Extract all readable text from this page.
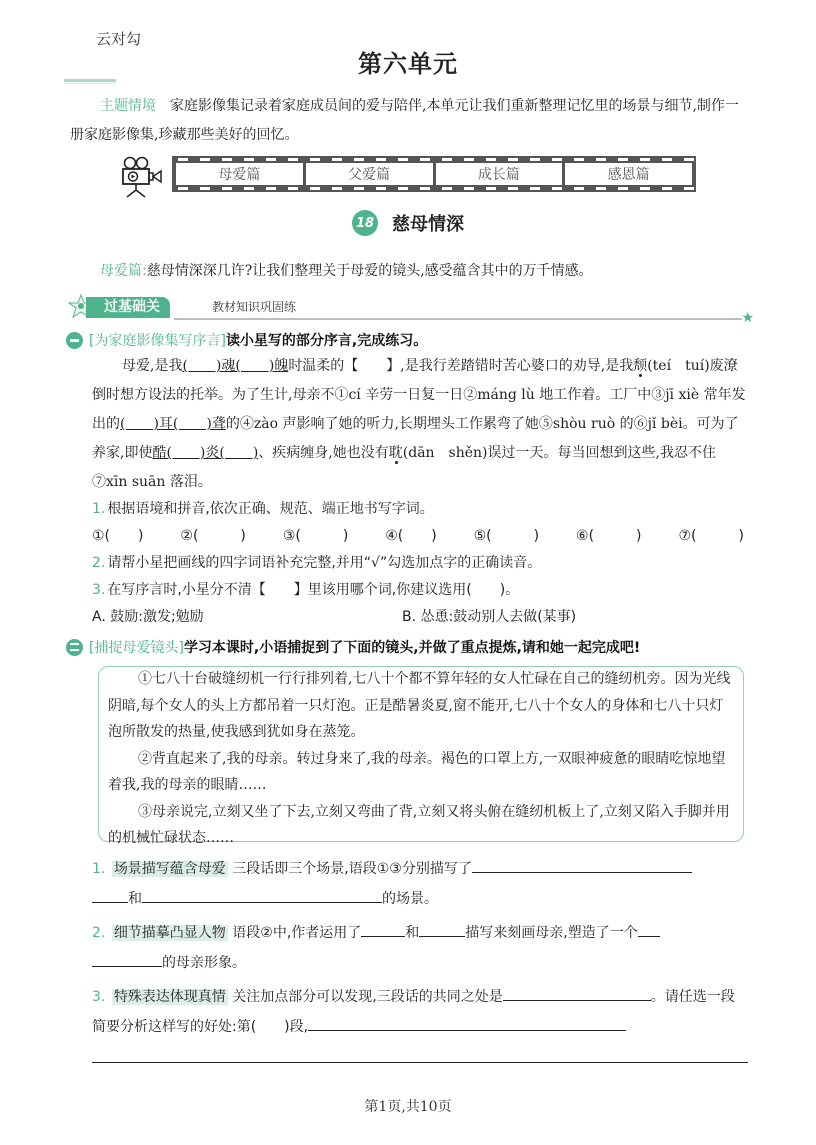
云对勾
第六单元
主题情境 家庭影像集记录着家庭成员间的爱与陪伴,本单元让我们重新整理记忆里的场景与细节,制作一册家庭影像集,珍藏那些美好的回忆。
母爱篇	父爱篇	成长篇	感恩篇
18 慈母情深
母爱篇:慈母情深深几许?让我们整理关于母爱的镜头,感受蕴含其中的万千情感。
过基础关	教材知识巩固练
★
[为家庭影像集写序言] 读小星写的部分序言,完成练习。
母爱,是我(　　)魂(　　)魄时温柔的【　　】,是我行差踏错时苦心婆口的劝导,是我颓(teí　tuí)废潦倒时想方设法的托举。为了生计,母亲不①cí 辛劳一日复一日②máng lù 地工作着。工厂中③jī xiè 常年发出的(　　)耳(　　)聋的④zào 声影响了她的听力,长期埋头工作累弯了她⑤shòu ruò 的⑥jǐ bèi。可为了养家,即使酷(　　)炎(　　)、疾病缠身,她也没有耽(dān　shěn)误过一天。每当回想到这些,我忍不住⑦xīn suān 落泪。
1. 根据语境和拼音,依次正确、规范、端正地书写字词。
①(　　)	②(　　　)	③(　　　)	④(　　)	⑤(　　　)	⑥(　　　)	⑦(　　　)
2. 请帮小星把画线的四字词语补充完整,并用“√”勾选加点字的正确读音。
3. 在写序言时,小星分不清【　　】里该用哪个词,你建议选用(　　)。
A. 鼓励:激发;勉励	B. 怂恿:鼓动别人去做(某事)
[捕捉母爱镜头] 学习本课时,小语捕捉到了下面的镜头,并做了重点提炼,请和她一起完成吧!

①七八十台破缝纫机一行行排列着,七八十个都不算年轻的女人忙碌在自己的缝纫机旁。因为光线阴暗,每个女人的头上方都吊着一只灯泡。正是酷暑炎夏,窗不能开,七八十个女人的身体和七八十只灯泡所散发的热量,使我感到犹如身在蒸笼。

②背直起来了,我的母亲。转过身来了,我的母亲。褐色的口罩上方,一双眼神疲惫的眼睛吃惊地望着我,我的母亲的眼睛……

③母亲说完,立刻又坐了下去,立刻又弯曲了背,立刻又将头俯在缝纫机板上了,立刻又陷入手脚并用的机械忙碌状态……

1. 场景描写蕴含母爱 三段话即三个场景,语段①③分别描写了
和	的场景。
2. 细节描摹凸显人物 语段②中,作者运用了	和	描写来刻画母亲,塑造了一个
的母亲形象。
3. 特殊表达体现真情 关注加点部分可以发现,三段话的共同之处是	。请任选一段简要分析这样写的好处:第(　　)段,
第1页,共10页
